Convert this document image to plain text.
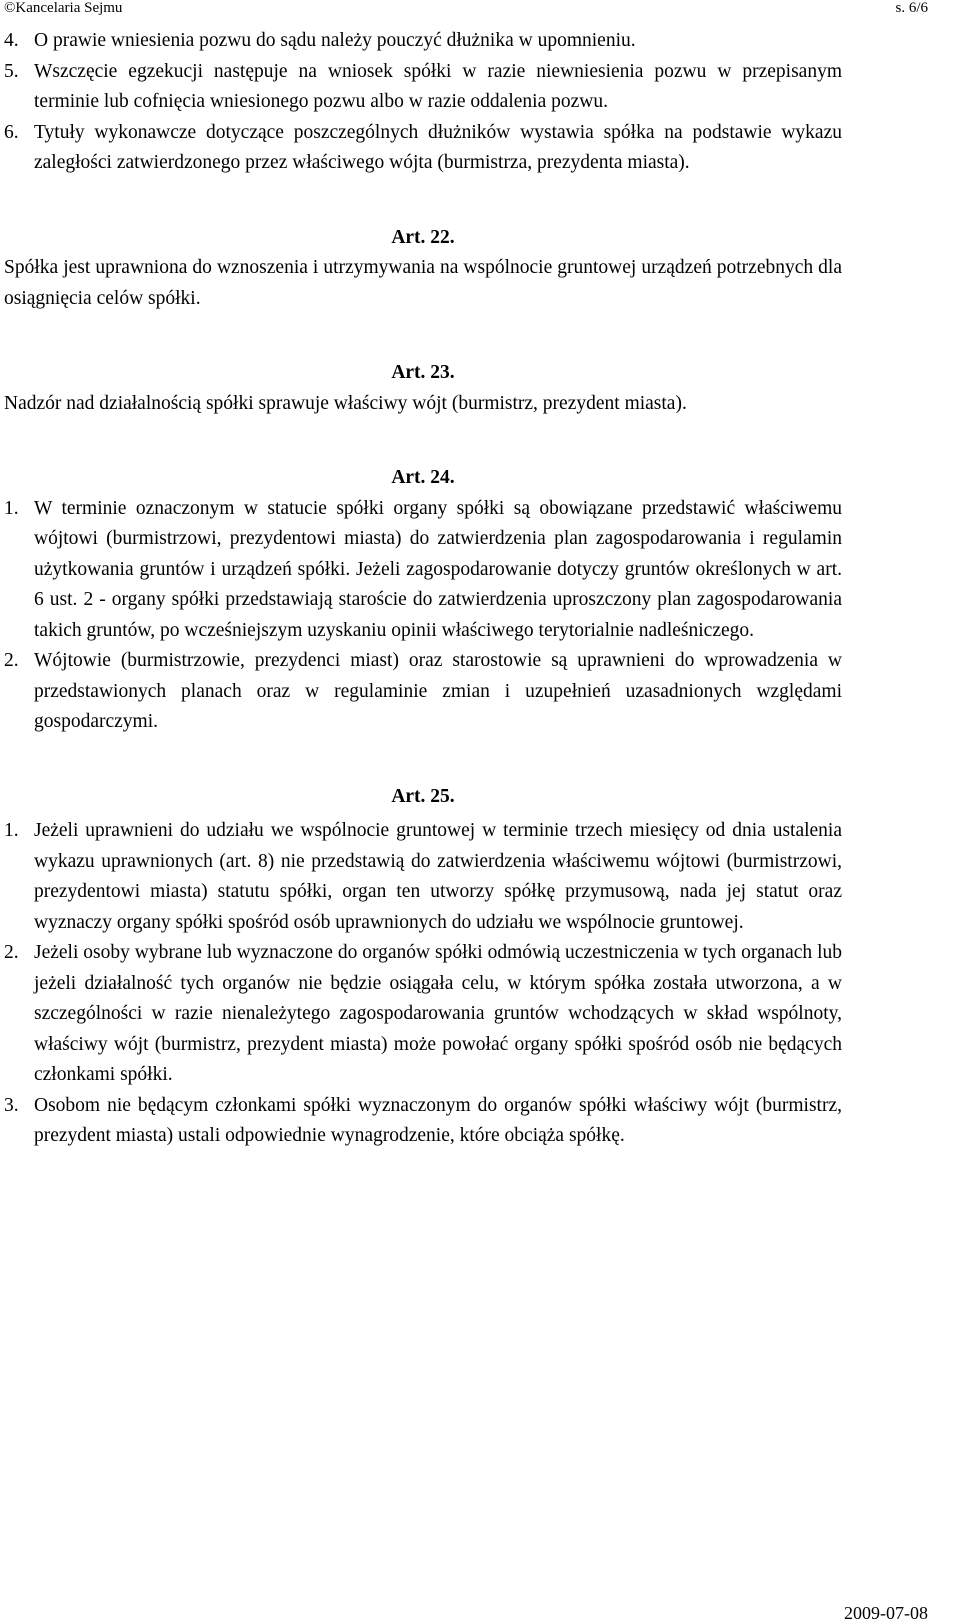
©Kancelaria Sejmu	s. 6/6
4. O prawie wniesienia pozwu do sądu należy pouczyć dłużnika w upomnieniu.
5. Wszczęcie egzekucji następuje na wniosek spółki w razie niewniesienia pozwu w przepisanym terminie lub cofnięcia wniesionego pozwu albo w razie oddalenia pozwu.
6. Tytuły wykonawcze dotyczące poszczególnych dłużników wystawia spółka na podstawie wykazu zaległości zatwierdzonego przez właściwego wójta (burmistrza, prezydenta miasta).
Art. 22.
Spółka jest uprawniona do wznoszenia i utrzymywania na wspólnocie gruntowej urządzeń potrzebnych dla osiągnięcia celów spółki.
Art. 23.
Nadzór nad działalnością spółki sprawuje właściwy wójt (burmistrz, prezydent miasta).
Art. 24.
1. W terminie oznaczonym w statucie spółki organy spółki są obowiązane przedstawić właściwemu wójtowi (burmistrzowi, prezydentowi miasta) do zatwierdzenia plan zagospodarowania i regulamin użytkowania gruntów i urządzeń spółki. Jeżeli zagospodarowanie dotyczy gruntów określonych w art. 6 ust. 2 - organy spółki przedstawiają staroście do zatwierdzenia uproszczony plan zagospodarowania takich gruntów, po wcześniejszym uzyskaniu opinii właściwego terytorialnie nadleśniczego.
2. Wójtowie (burmistrzowie, prezydenci miast) oraz starostowie są uprawnieni do wprowadzenia w przedstawionych planach oraz w regulaminie zmian i uzupełnień uzasadnionych względami gospodarczymi.
Art. 25.
1. Jeżeli uprawnieni do udziału we wspólnocie gruntowej w terminie trzech miesięcy od dnia ustalenia wykazu uprawnionych (art. 8) nie przedstawią do zatwierdzenia właściwemu wójtowi (burmistrzowi, prezydentowi miasta) statutu spółki, organ ten utworzy spółkę przymusową, nada jej statut oraz wyznaczy organy spółki spośród osób uprawnionych do udziału we wspólnocie gruntowej.
2. Jeżeli osoby wybrane lub wyznaczone do organów spółki odmówią uczestniczenia w tych organach lub jeżeli działalność tych organów nie będzie osiągała celu, w którym spółka została utworzona, a w szczególności w razie nienależytego zagospodarowania gruntów wchodzących w skład wspólnoty, właściwy wójt (burmistrz, prezydent miasta) może powołać organy spółki spośród osób nie będących członkami spółki.
3. Osobom nie będącym członkami spółki wyznaczonym do organów spółki właściwy wójt (burmistrz, prezydent miasta) ustali odpowiednie wynagrodzenie, które obciąża spółkę.
2009-07-08
